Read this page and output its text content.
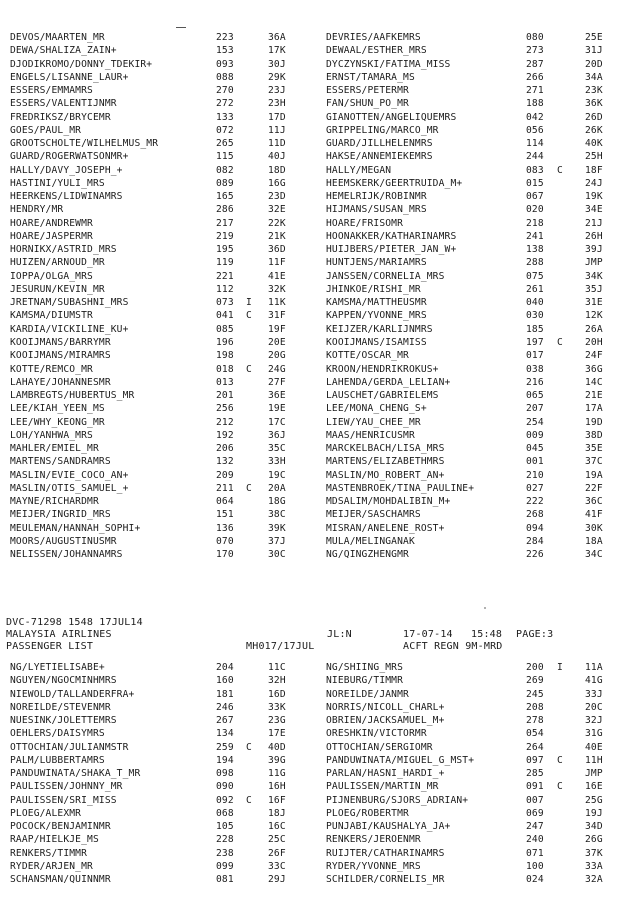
DEVOS/MAARTEN_MR	223	36A	DEVRIES/AAFKEMRS	080	25E
DEWA/SHALIZA_ZAIN+	153	17K	DEWAAL/ESTHER_MRS	273	31J
DJODIKROMO/DONNY_TDEKIR+	093	30J	DYCZYNSKI/FATIMA_MISS	287	20D
ENGELS/LISANNE_LAUR+	088	29K	ERNST/TAMARA_MS	266	34A
ESSERS/EMMAMRS	270	23J	ESSERS/PETERMR	271	23K
ESSERS/VALENTIJNMR	272	23H	FAN/SHUN_PO_MR	188	36K
FREDRIKSZ/BRYCEMR	133	17D	GIANOTTEN/ANGELIQUEMRS	042	26D
GOES/PAUL_MR	072	11J	GRIPPELING/MARCO_MR	056	26K
GROOTSCHOLTE/WILHELMUS_MR	265	11D	GUARD/JILLHELENMRS	114	40K
GUARD/ROGERWATSONMR+	115	40J	HAKSE/ANNEMIEKEMRS	244	25H
HALLY/DAVY_JOSEPH_+	082	18D	HALLY/MEGAN	083 C 18F
HASTINI/YULI_MRS	089	16G	HEEMSKERK/GEERTRUIDA_M+	015	24J
HEERKENS/LIDWINAMRS	165	23D	HEMELRIJK/ROBINMR	067	19K
HENDRY/MR	286	32E	HIJMANS/SUSAN_MRS	020	34E
HOARE/ANDREWMR	217	22K	HOARE/FRISOMR	218	21J
HOARE/JASPERMR	219	21K	HOONAKKER/KATHARINAMRS	241	26H
HORNIKX/ASTRID_MRS	195	36D	HUIJBERS/PIETER_JAN_W+	138	39J
HUIZEN/ARNOUD_MR	119	11F	HUNTJENS/MARIAMRS	288	JMP
IOPPA/OLGA_MRS	221	41E	JANSSEN/CORNELIA_MRS	075	34K
JESURUN/KEVIN_MR	112	32K	JHINKOE/RISHI_MR	261	35J
JRETNAM/SUBASHNI_MRS	073 I 11K	KAMSMA/MATTHEUSMR	040	31E
KAMSMA/DIUMSTR	041 C 31F	KAPPEN/YVONNE_MRS	030	12K
KARDIA/VICKILINE_KU+	085	19F	KEIJZER/KARLIJNMRS	185	26A
KOOIJMANS/BARRYMR	196	20E	KOOIJMANS/ISAMISS	197 C 20H
KOOIJMANS/MIRAMRS	198	20G	KOTTE/OSCAR_MR	017	24F
KOTTE/REMCO_MR	018 C 24G	KROON/HENDRIKROKUS+	038	36G
LAHAYE/JOHANNESMR	013	27F	LAHENDA/GERDA_LELIAN+	216	14C
LAMBREGTS/HUBERTUS_MR	201	36E	LAUSCHET/GABRIELEMS	065	21E
LEE/KIAH_YEEN_MS	256	19E	LEE/MONA_CHENG_S+	207	17A
LEE/WHY_KEONG_MR	212	17C	LIEW/YAU_CHEE_MR	254	19D
LOH/YANHWA_MRS	192	36J	MAAS/HENRICUSMR	009	38D
MAHLER/EMIEL_MR	206	35C	MARCKELBACH/LISA_MRS	045	35E
MARTENS/SANDRAMRS	132	33H	MARTENS/ELIZABETHMRS	001	37C
MASLIN/EVIE_COCO_AN+	209	19C	MASLIN/MO_ROBERT_AN+	210	19A
MASLIN/OTIS_SAMUEL_+	211 C 20A	MASTENBROEK/TINA_PAULINE+	027	22F
MAYNE/RICHARDMR	064	18G	MDSALIM/MOHDALIBIN_M+	222	36C
MEIJER/INGRID_MRS	151	38C	MEIJER/SASCHAMRS	268	41F
MEULEMAN/HANNAH_SOPHI+	136	39K	MISRAN/ANELENE_ROST+	094	30K
MOORS/AUGUSTINUSMR	070	37J	MULA/MELINGANAK	284	18A
NELISSEN/JOHANNAMRS	170	30C	NG/QINGZHENGMR	226	34C
DVC-71298 1548 17JUL14
MALAYSIA AIRLINES	JL:N	17-07-14 15:48 PAGE:3
PASSENGER LIST	MH017/17JUL	ACFT REGN 9M-MRD
NG/LYETIELISABE+	204	11C	NG/SHIING_MRS	200 I 11A
NGUYEN/NGOCMINHMRS	160	32H	NIEBURG/TIMMR	269	41G
NIEWOLD/TALLANDERFRA+	181	16D	NOREILDE/JANMR	245	33J
NOREILDE/STEVENMR	246	33K	NORRIS/NICOLL_CHARL+	208	20C
NUESINK/JOLETTEMRS	267	23G	OBRIEN/JACKSAMUEL_M+	278	32J
OEHLERS/DAISYMRS	134	17E	ORESHKIN/VICTORMR	054	31G
OTTOCHIAN/JULIANMSTR	259 C 40D	OTTOCHIAN/SERGIOMR	264	40E
PALM/LUBBERTAMRS	194	39G	PANDUWINATA/MIGUEL_G_MST+	097 C 11H
PANDUWINATA/SHAKA_T_MR	098	11G	PARLAN/HASNI_HARDI_+	285	JMP
PAULISSEN/JOHNNY_MR	090	16H	PAULISSEN/MARTIN_MR	091 C 16E
PAULISSEN/SRI_MISS	092 C 16F	PIJNENBURG/SJORS_ADRIAN+	007	25G
PLOEG/ALEXMR	068	18J	PLOEG/ROBERTMR	069	19J
POCOCK/BENJAMINMR	105	16C	PUNJABI/KAUSHALYA_JA+	247	34D
RAAP/HIELKJE_MS	228	25C	RENKERS/JEROENMR	240	26G
RENKERS/TIMMR	238	26F	RUIJTER/CATHARINAMRS	071	37K
RYDER/ARJEN_MR	099	33C	RYDER/YVONNE_MRS	100	33A
SCHANSMAN/QUINNMR	081	29J	SCHILDER/CORNELIS_MR	024	32A
